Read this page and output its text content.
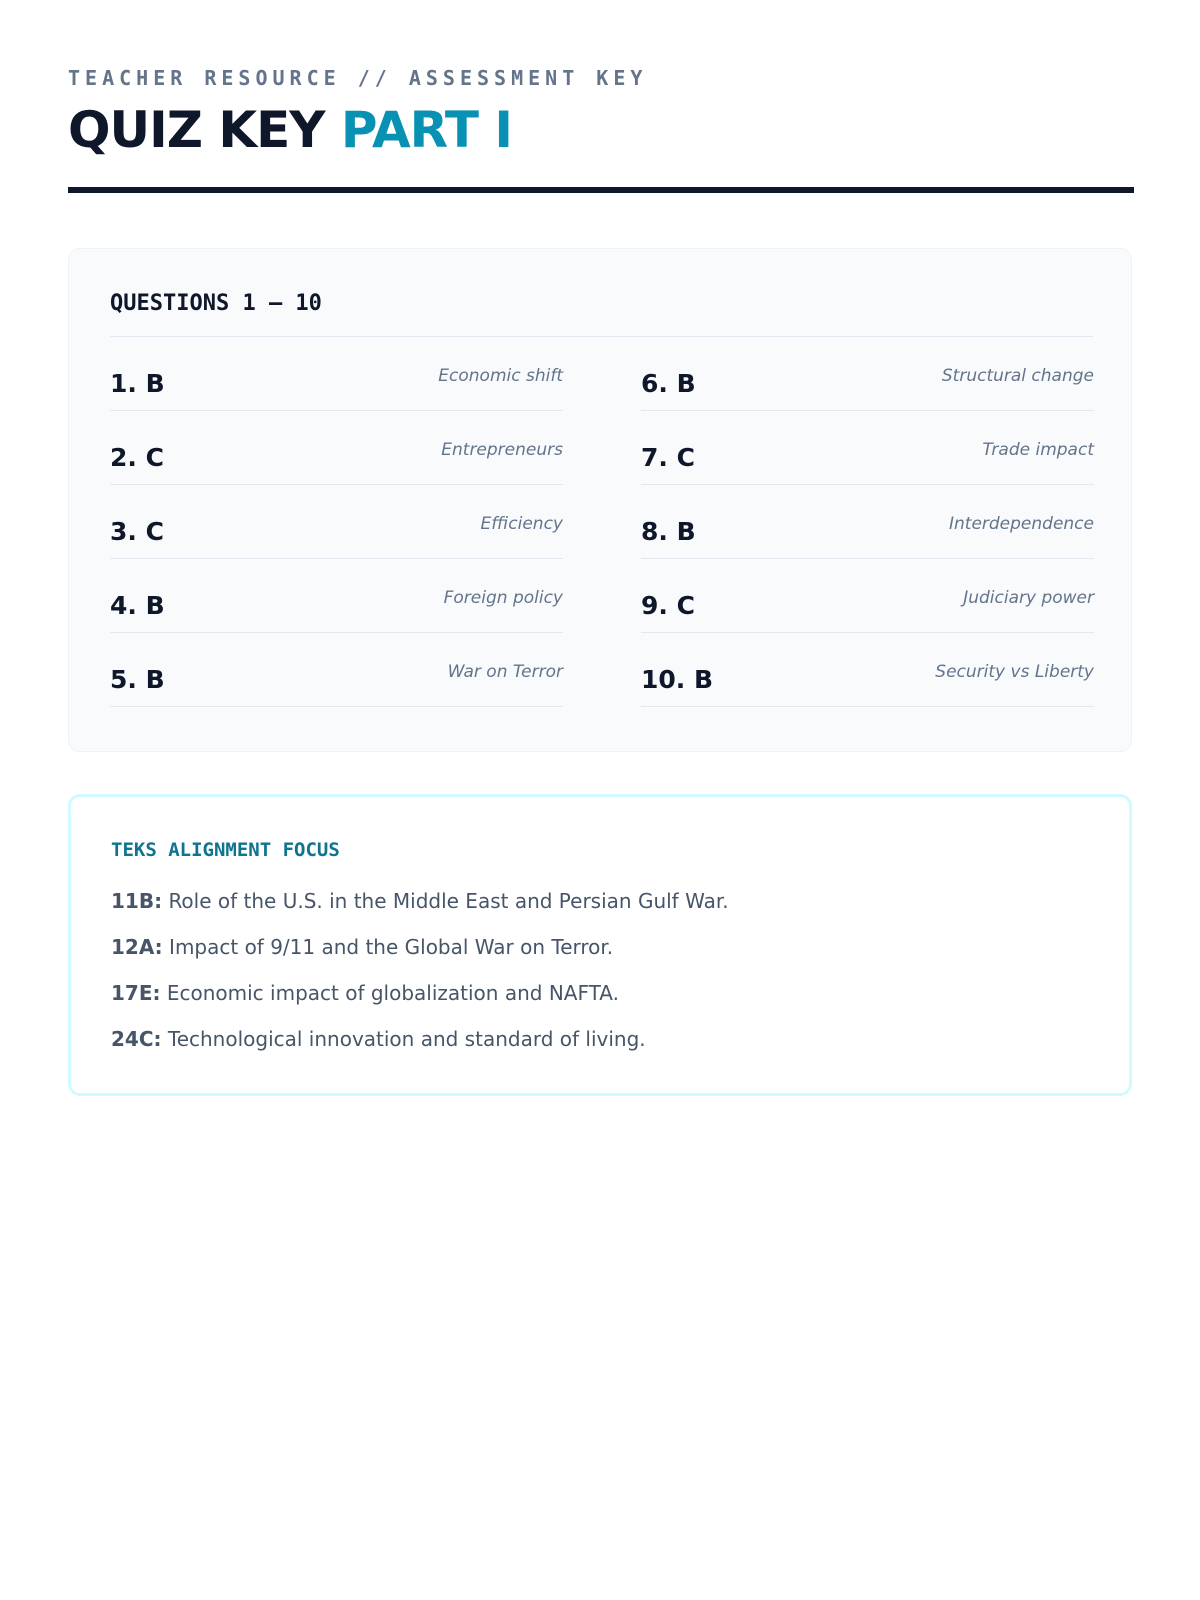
TEACHER RESOURCE // ASSESSMENT KEY
QUIZ KEY PART I
QUESTIONS 1 – 10
1. B	Economic shift
2. C	Entrepreneurs
3. C	Efficiency
4. B	Foreign policy
5. B	War on Terror
6. B	Structural change
7. C	Trade impact
8. B	Interdependence
9. C	Judiciary power
10. B	Security vs Liberty
TEKS ALIGNMENT FOCUS
11B: Role of the U.S. in the Middle East and Persian Gulf War.
12A: Impact of 9/11 and the Global War on Terror.
17E: Economic impact of globalization and NAFTA.
24C: Technological innovation and standard of living.
